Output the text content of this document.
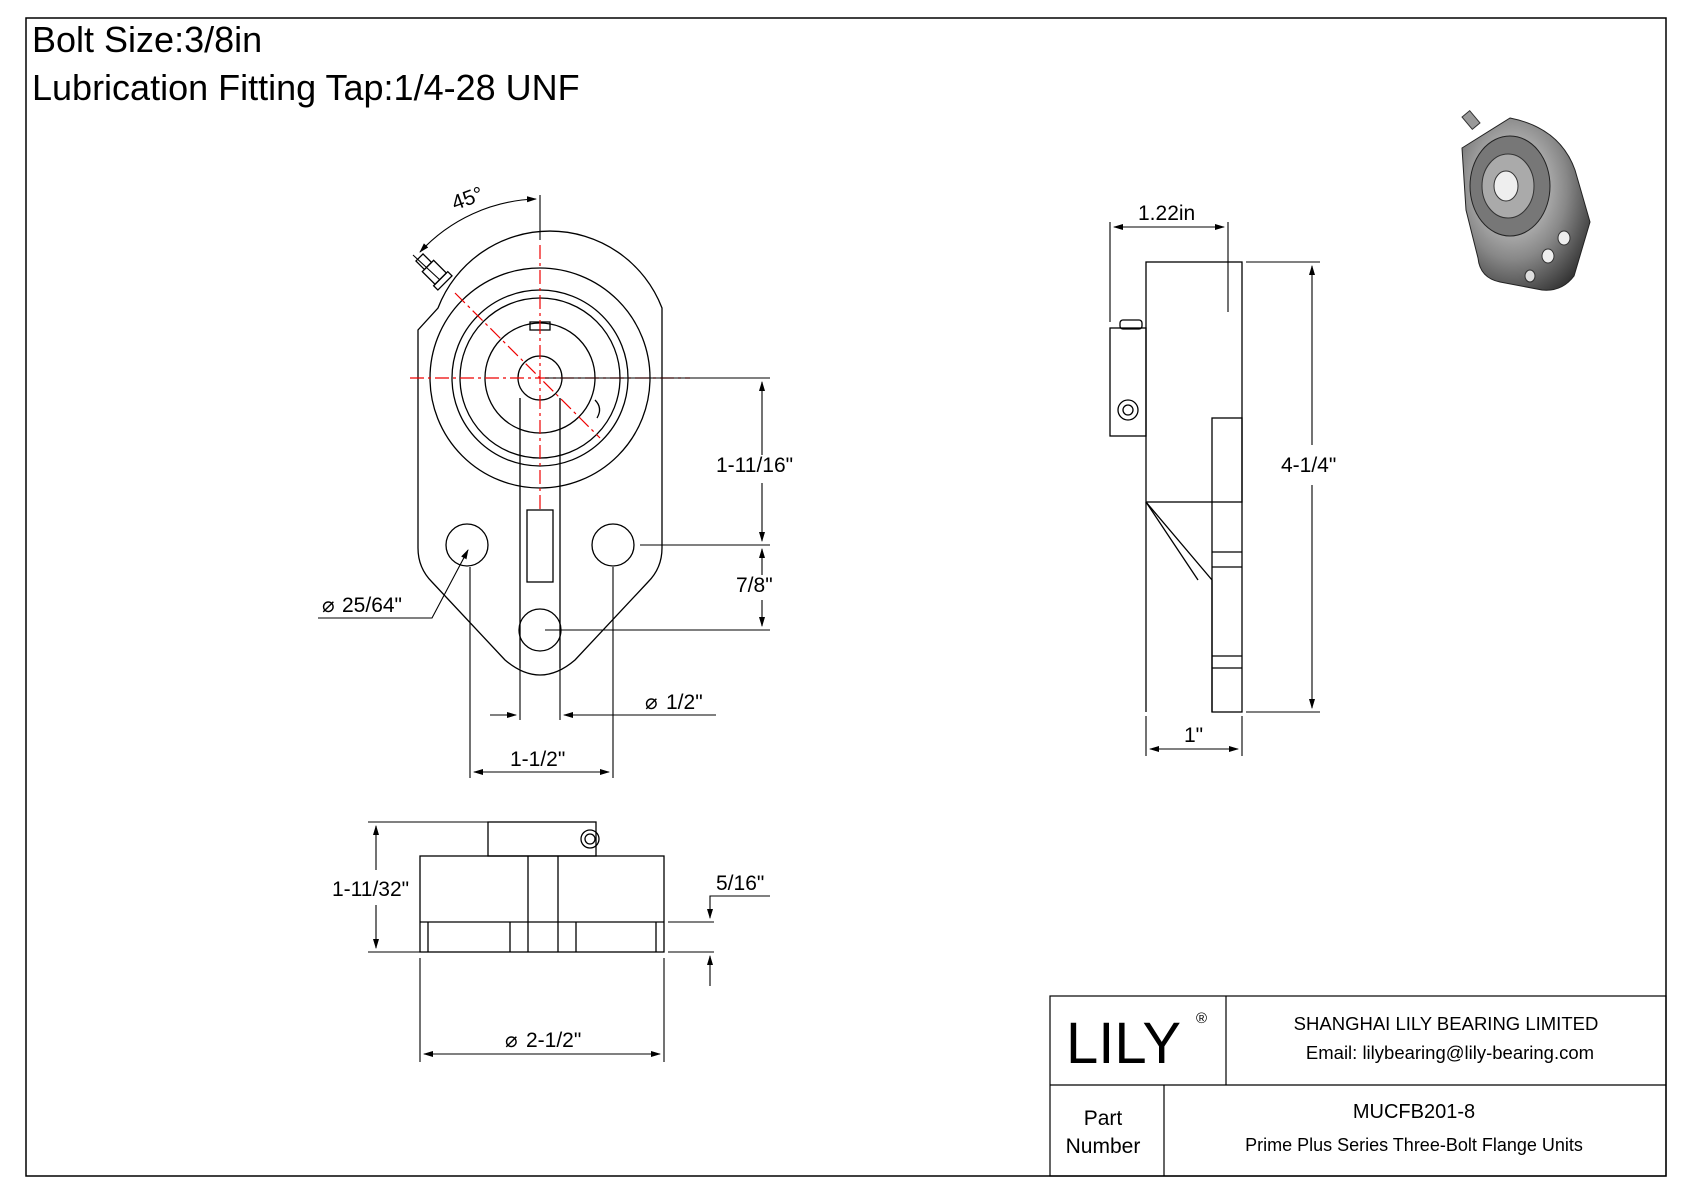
Bolt Size:3/8in
Lubrication Fitting Tap:1/4-28 UNF
45°
1-11/16"
7/8"
⌀ 25/64"
⌀ 1/2"
1-1/2"
1-11/32"	5/16"
⌀ 2-1/2"
1.22in
4-1/4"
1"
LILY ®	SHANGHAI LILY BEARING LIMITED
Email: lilybearing@lily-bearing.com
Part
Number
MUCFB201-8
Prime Plus Series Three-Bolt Flange Units
